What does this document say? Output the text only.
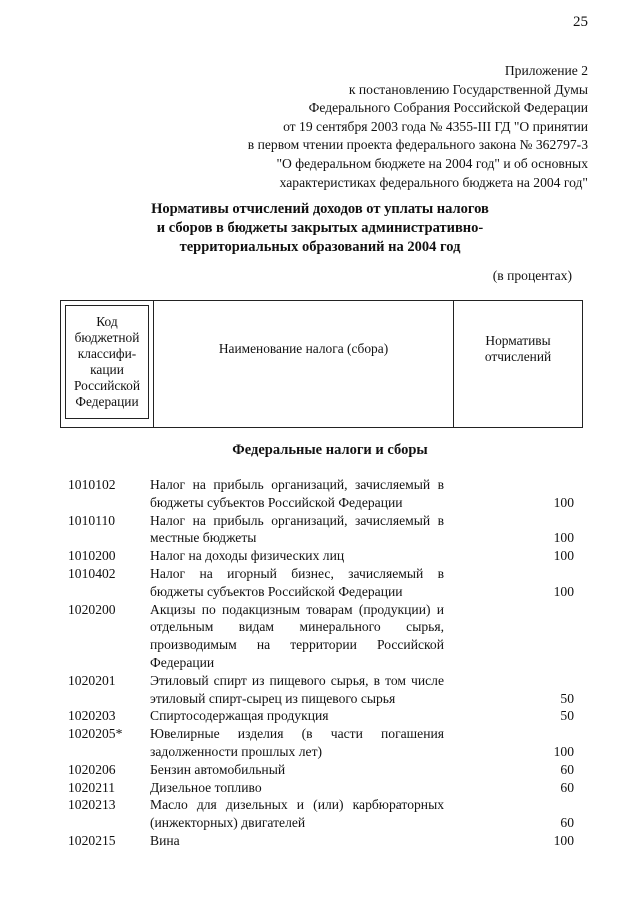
25
Приложение 2
к постановлению Государственной Думы
Федерального Собрания Российской Федерации
от 19 сентября 2003 года № 4355-III ГД "О принятии
в первом чтении проекта федерального закона № 362797-3
"О федеральном бюджете на 2004 год" и об основных
характеристиках федерального бюджета на 2004 год"
Нормативы отчислений доходов от уплаты налогов
и сборов в бюджеты закрытых административно-
территориальных образований на 2004 год
(в процентах)
Код бюджетной классифи-кации Российской Федерации
Наименование налога (сбора)
Нормативы отчислений
Федеральные налоги и сборы
1010102	Налог на прибыль организаций, зачисляемый в бюджеты субъектов Российской Федерации	100
1010110	Налог на прибыль организаций, зачисляемый в местные бюджеты	100
1010200	Налог на доходы физических лиц	100
1010402	Налог на игорный бизнес, зачисляемый в бюджеты субъектов Российской Федерации	100
1020200	Акцизы по подакцизным товарам (продукции) и отдельным видам минерального сырья, производимым на территории Российской Федерации
1020201	Этиловый спирт из пищевого сырья, в том числе этиловый спирт-сырец из пищевого сырья	50
1020203	Спиртосодержащая продукция	50
1020205*	Ювелирные изделия (в части погашения задолженности прошлых лет)	100
1020206	Бензин автомобильный	60
1020211	Дизельное топливо	60
1020213	Масло для дизельных и (или) карбюраторных (инжекторных) двигателей	60
1020215	Вина	100
